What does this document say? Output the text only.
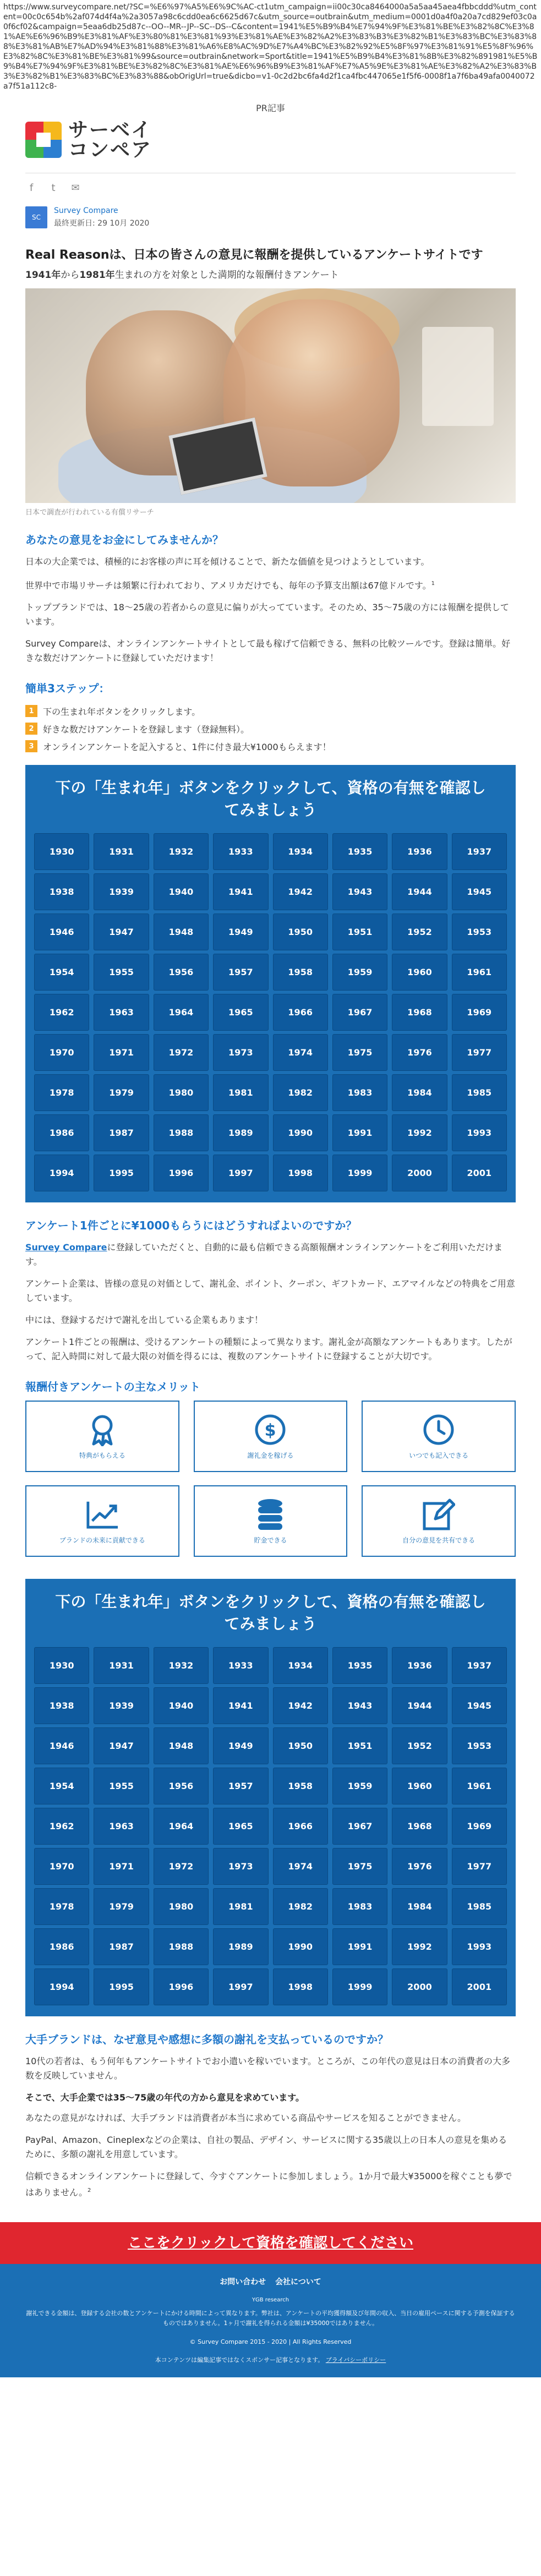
https://www.surveycompare.net/?SC=%E6%97%A5%E6%9C%AC-ct1utm_campaign=ii00c30ca8464000a5a5aa45aea4fbbcddd%utm_content=00c0c654b%2af074d4f4a%2a3057a98c6cdd0ea6c6625d67c&utm_source=outbrain&utm_medium=0001d0a4f0a20a7cd829ef03c0a0f6cf02&campaign=5eaa6db25d87c--OO--MR--JP--SC--DS--C&content=1941%E5%B9%B4%E7%94%9F%E3%81%BE%E3%82%8C%E3%81%AE%E6%96%B9%E3%81%AF%E3%80%81%E3%81%93%E3%81%AE%E3%82%A2%E3%83%B3%E3%82%B1%E3%83%BC%E3%83%88%E3%81%AB%E7%AD%94%E3%81%88%E3%81%A6%E8%AC%9D%E7%A4%BC%E3%82%92%E5%8F%97%E3%81%91%E5%8F%96%E3%82%8C%E3%81%BE%E3%81%99&source=outbrain&network=Sport&title=1941%E5%B9%B4%E3%81%8B%E3%82%891981%E5%B9%B4%E7%94%9F%E3%81%BE%E3%82%8C%E3%81%AE%E6%96%B9%E3%81%AF%E7%A5%9E%E3%81%AE%E3%82%A2%E3%83%B3%E3%82%B1%E3%83%BC%E3%83%88&obOrigUrl=true&dicbo=v1-0c2d2bc6fa4d2f1ca4fbc447065e1f5f6-0008f1a7f6ba49afa0040072a7f51a112c8-
PR記事
サーベイ
コンペア
f	t	✉
SC
Survey Compare
最終更新日: 29 10月 2020
Real Reasonは、日本の皆さんの意見に報酬を提供しているアンケートサイトです
1941年から1981年生まれの方を対象とした満期的な報酬付きアンケート
日本で調査が行われている有償リサーチ
あなたの意見をお金にしてみませんか？

日本の大企業では、積極的にお客様の声に耳を傾けることで、新たな価値を見つけようとしています。

世界中で市場リサーチは頻繁に行われており、アメリカだけでも、毎年の予算支出額は67億ドルです。$^1$

トップブランドでは、18〜25歳の若者からの意見に偏りが大ってています。そのため、35〜75歳の方には報酬を提供しています。

Survey Compareは、オンラインアンケートサイトとして最も稼げて信頼できる、無料の比較ツールです。登録は簡単。好きな数だけアンケートに登録していただけます！

簡単3ステップ：
1	下の生まれ年ボタンをクリックします。
2	好きな数だけアンケートを登録します（登録無料）。
3	オンラインアンケートを記入すると、1件に付き最大¥1000もらえます！
下の「生まれ年」ボタンをクリックして、資格の有無を確認してみましょう
1930	1931	1932	1933	1934	1935	1936	1937
1938	1939	1940	1941	1942	1943	1944	1945
1946	1947	1948	1949	1950	1951	1952	1953
1954	1955	1956	1957	1958	1959	1960	1961
1962	1963	1964	1965	1966	1967	1968	1969
1970	1971	1972	1973	1974	1975	1976	1977
1978	1979	1980	1981	1982	1983	1984	1985
1986	1987	1988	1989	1990	1991	1992	1993
1994	1995	1996	1997	1998	1999	2000	2001
アンケート1件ごとに¥1000もらうにはどうすればよいのですか？

Survey Compareに登録していただくと、自動的に最も信頼できる高額報酬オンラインアンケートをご利用いただけます。

アンケート企業は、皆様の意見の対価として、謝礼金、ポイント、クーポン、ギフトカード、エアマイルなどの特典をご用意しています。

中には、登録するだけで謝礼を出している企業もあります！

アンケート1件ごとの報酬は、受けるアンケートの種類によって異なります。謝礼金が高額なアンケートもあります。したがって、記入時間に対して最大限の対価を得るには、複数のアンケートサイトに登録することが大切です。

報酬付きアンケートの主なメリット
特典がもらえる
$
謝礼金を稼げる	いつでも記入できる
ブランドの未来に貢献できる	貯金できる	自分の意見を共有できる
下の「生まれ年」ボタンをクリックして、資格の有無を確認してみましょう
1930	1931	1932	1933	1934	1935	1936	1937
1938	1939	1940	1941	1942	1943	1944	1945
1946	1947	1948	1949	1950	1951	1952	1953
1954	1955	1956	1957	1958	1959	1960	1961
1962	1963	1964	1965	1966	1967	1968	1969
1970	1971	1972	1973	1974	1975	1976	1977
1978	1979	1980	1981	1982	1983	1984	1985
1986	1987	1988	1989	1990	1991	1992	1993
1994	1995	1996	1997	1998	1999	2000	2001
大手ブランドは、なぜ意見や感想に多額の謝礼を支払っているのですか？

10代の若者は、もう何年もアンケートサイトでお小遣いを稼いでいます。ところが、この年代の意見は日本の消費者の大多数を反映していません。

そこで、大手企業では35〜75歳の年代の方から意見を求めています。

あなたの意見がなければ、大手ブランドは消費者が本当に求めている商品やサービスを知ることができません。

PayPal、Amazon、Cineplexなどの企業は、自社の製品、デザイン、サービスに関する35歳以上の日本人の意見を集めるために、多額の謝礼を用意しています。

信頼できるオンラインアンケートに登録して、今すぐアンケートに参加しましょう。1か月で最大¥35000を稼ぐことも夢ではありません。$^2$

ここをクリックして資格を確認してください
お問い合わせ 会社について
YGB research
謝礼できる金額は、登録する会社の数とアンケートにかける時間によって異なります。弊社は、アンケートの平均獲得額及び年間の収入、当日の雇用ペースに関する予測を保証するものではありません。1ヶ月で謝礼を得られる金額は¥35000ではありません。
© Survey Compare 2015 - 2020 | All Rights Reserved
本コンテンツは編集記事ではなくスポンサー記事となります。 プライバシーポリシー
